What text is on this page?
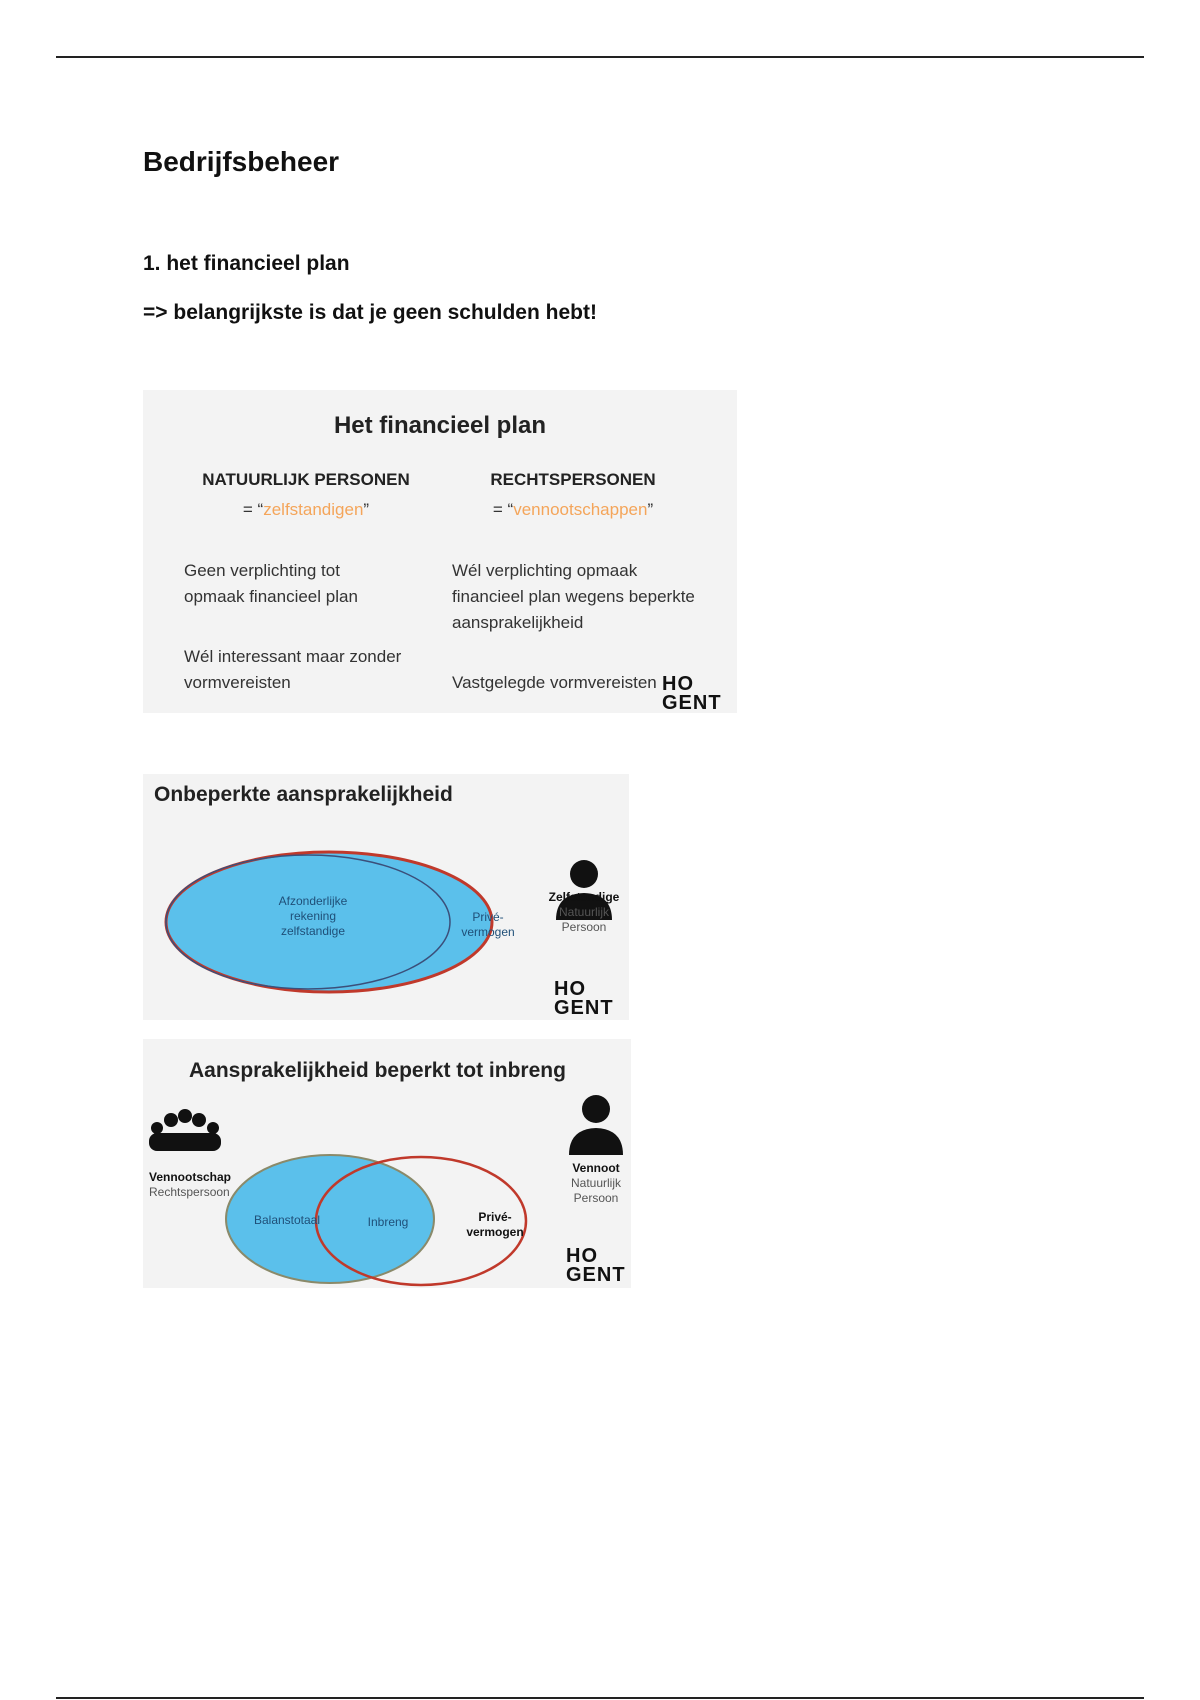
Bedrijfsbeheer

1. het financieel plan

=> belangrijkste is dat je geen schulden hebt!

Het financieel plan
NATUURLIJK PERSONEN
= “zelfstandigen”
RECHTSPERSONEN
= “vennootschappen”
Geen verplichting tot
opmaak financieel plan
Wél interessant maar zonder
vormvereisten
Wél verplichting opmaak
financieel plan wegens beperkte
aansprakelijkheid
Vastgelegde vormvereisten HO
GENT
Onbeperkte aansprakelijkheid
Afzonderlijke
rekening
zelfstandige
Privé-
vermogen
Zelfstandige
Natuurlijk
Persoon
HO
GENT
Aansprakelijkheid beperkt tot inbreng
Balanstotaal	Inbreng	Privé-
vermogen
Vennootschap
Rechtspersoon
Vennoot
Natuurlijk
Persoon
HO
GENT
